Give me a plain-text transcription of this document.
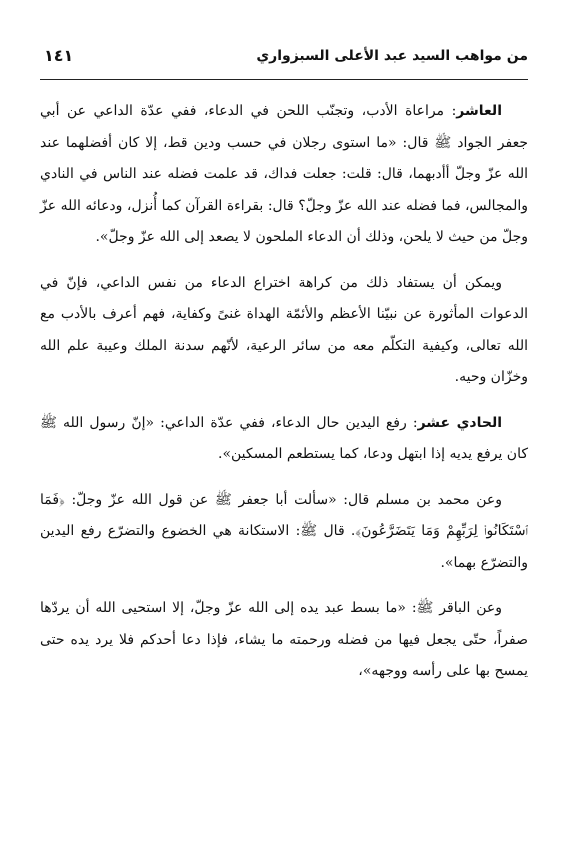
من مواهب السيد عبد الأعلى السبزواري
١٤١

العاشر: مراعاة الأدب، وتجنّب اللحن في الدعاء، ففي عدّة الداعي عن أبي جعفر الجواد ﷺ قال: «ما استوى رجلان في حسب ودين قط، إلا كان أفضلهما عند الله عزّ وجلّ أأدبهما، قال: قلت: جعلت فداك، قد علمت فضله عند الناس في النادي والمجالس، فما فضله عند الله عزّ وجلّ؟ قال: بقراءة القرآن كما أُنزل، ودعائه الله عزّ وجلّ من حيث لا يلحن، وذلك أن الدعاء الملحون لا يصعد إلى الله عزّ وجلّ».

ويمكن أن يستفاد ذلك من كراهة اختراع الدعاء من نفس الداعي، فإنّ في الدعوات المأثورة عن نبيّنا الأعظم والأئمّة الهداة غنىً وكفاية، فهم أعرف بالأدب مع الله تعالى، وكيفية التكلّم معه من سائر الرعية، لأنّهم سدنة الملك وعيبة علم الله وخزّان وحيه.

الحادي عشر: رفع اليدين حال الدعاء، ففي عدّة الداعي: «إنّ رسول الله ﷺ كان يرفع يديه إذا ابتهل ودعا، كما يستطعم المسكين».

وعن محمد بن مسلم قال: «سألت أبا جعفر ﷺ عن قول الله عزّ وجلّ: ﴿فَمَا ٱسْتَكَانُوا۟ لِرَبِّهِمْ وَمَا يَتَضَرَّعُونَ﴾. قال ﷺ: الاستكانة هي الخضوع والتضرّع رفع اليدين والتضرّع بهما».

وعن الباقر ﷺ: «ما بسط عبد يده إلى الله عزّ وجلّ، إلا استحيى الله أن يردّها صفراً، حتّى يجعل فيها من فضله ورحمته ما يشاء، فإذا دعا أحدكم فلا يرد يده حتى يمسح بها على رأسه ووجهه»،
